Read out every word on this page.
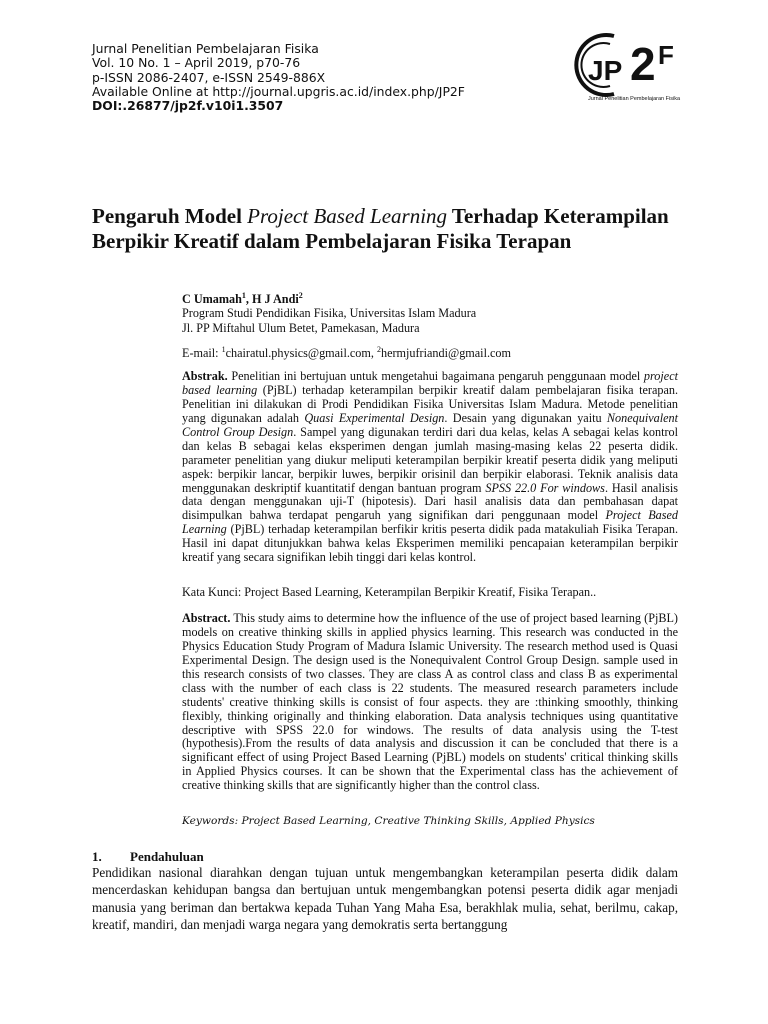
Jurnal Penelitian Pembelajaran Fisika
Vol. 10 No. 1 – April 2019, p70-76
p-ISSN 2086-2407, e-ISSN 2549-886X
Available Online at http://journal.upgris.ac.id/index.php/JP2F
DOI:.26877/jp2f.v10i1.3507
JP 2 F
Jurnal Penelitian Pembelajaran Fisika
Pengaruh Model Project Based Learning Terhadap Keterampilan Berpikir Kreatif dalam Pembelajaran Fisika Terapan
C Umamah$^1$, H J Andi$^2$
Program Studi Pendidikan Fisika, Universitas Islam Madura
Jl. PP Miftahul Ulum Betet, Pamekasan, Madura
E-mail: $^1$chairatul.physics@gmail.com, $^2$hermjufriandi@gmail.com
Abstrak. Penelitian ini bertujuan untuk mengetahui bagaimana pengaruh penggunaan model project based learning (PjBL) terhadap keterampilan berpikir kreatif dalam pembelajaran fisika terapan. Penelitian ini dilakukan di Prodi Pendidikan Fisika Universitas Islam Madura. Metode penelitian yang digunakan adalah Quasi Experimental Design. Desain yang digunakan yaitu Nonequivalent Control Group Design. Sampel yang digunakan terdiri dari dua kelas, kelas A sebagai kelas kontrol dan kelas B sebagai kelas eksperimen dengan jumlah masing-masing kelas 22 peserta didik. parameter penelitian yang diukur meliputi keterampilan berpikir kreatif peserta didik yang meliputi aspek: berpikir lancar, berpikir luwes, berpikir orisinil dan berpikir elaborasi. Teknik analisis data menggunakan deskriptif kuantitatif dengan bantuan program SPSS 22.0 For windows. Hasil analisis data dengan menggunakan uji-T (hipotesis). Dari hasil analisis data dan pembahasan dapat disimpulkan bahwa terdapat pengaruh yang signifikan dari penggunaan model Project Based Learning (PjBL) terhadap keterampilan berfikir kritis peserta didik pada matakuliah Fisika Terapan. Hasil ini dapat ditunjukkan bahwa kelas Eksperimen memiliki pencapaian keterampilan berpikir kreatif yang secara signifikan lebih tinggi dari kelas kontrol.
Kata Kunci: Project Based Learning, Keterampilan Berpikir Kreatif, Fisika Terapan..
Abstract. This study aims to determine how the influence of the use of project based learning (PjBL) models on creative thinking skills in applied physics learning. This research was conducted in the Physics Education Study Program of Madura Islamic University. The research method used is Quasi Experimental Design. The design used is the Nonequivalent Control Group Design. sample used in this research consists of two classes. They are class A as control class and class B as experimental class with the number of each class is 22 students. The measured research parameters include students' creative thinking skills is consist of four aspects. they are :thinking smoothly, thinking flexibly, thinking originally and thinking elaboration. Data analysis techniques using quantitative descriptive with SPSS 22.0 for windows. The results of data analysis using the T-test (hypothesis).From the results of data analysis and discussion it can be concluded that there is a significant effect of using Project Based Learning (PjBL) models on students' critical thinking skills in Applied Physics courses. It can be shown that the Experimental class has the achievement of creative thinking skills that are significantly higher than the control class.
Keywords: Project Based Learning, Creative Thinking Skills, Applied Physics
1. Pendahuluan
Pendidikan nasional diarahkan dengan tujuan untuk mengembangkan keterampilan peserta didik dalam mencerdaskan kehidupan bangsa dan bertujuan untuk mengembangkan potensi peserta didik agar menjadi manusia yang beriman dan bertakwa kepada Tuhan Yang Maha Esa, berakhlak mulia, sehat, berilmu, cakap, kreatif, mandiri, dan menjadi warga negara yang demokratis serta bertanggung
